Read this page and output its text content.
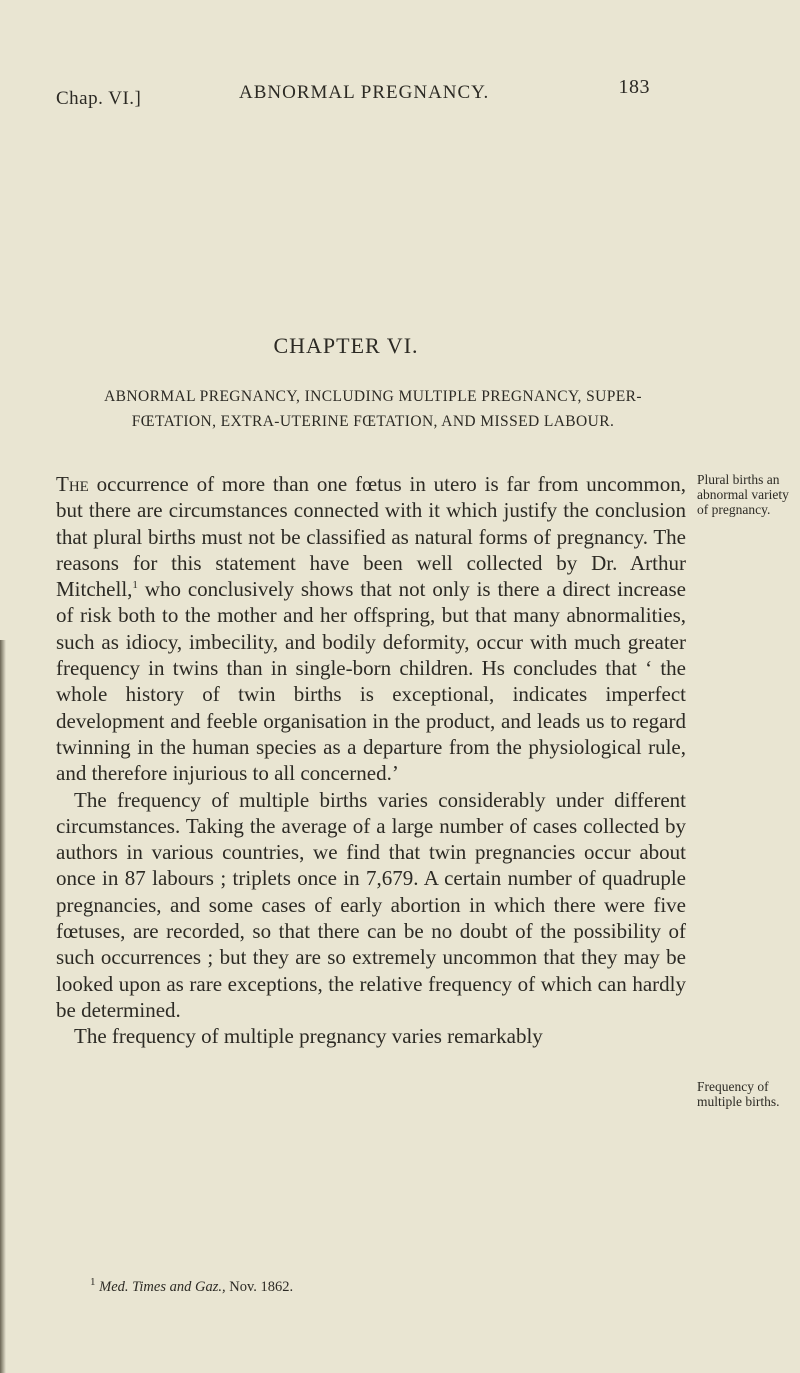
Chap. VI.]	ABNORMAL PREGNANCY.	183
CHAPTER VI.
ABNORMAL PREGNANCY, INCLUDING MULTIPLE PREGNANCY, SUPER-
FŒTATION, EXTRA-UTERINE FŒTATION, AND MISSED LABOUR.

The occurrence of more than one fœtus in utero is far from uncommon, but there are circumstances connected with it which justify the conclusion that plural births must not be classified as natural forms of pregnancy. The reasons for this statement have been well collected by Dr. Arthur Mitchell,$^1$ who conclusively shows that not only is there a direct increase of risk both to the mother and her offspring, but that many abnormalities, such as idiocy, imbecility, and bodily deformity, occur with much greater frequency in twins than in single-born children. Hs concludes that ‘ the whole history of twin births is exceptional, indicates imperfect development and feeble organisation in the product, and leads us to regard twinning in the human species as a departure from the physiological rule, and therefore injurious to all concerned.’

The frequency of multiple births varies considerably under different circumstances. Taking the average of a large number of cases collected by authors in various countries, we find that twin pregnancies occur about once in 87 labours ; triplets once in 7,679. A certain number of quadruple pregnancies, and some cases of early abortion in which there were five fœtuses, are recorded, so that there can be no doubt of the possibility of such occurrences ; but they are so extremely uncommon that they may be looked upon as rare exceptions, the relative frequency of which can hardly be determined.

The frequency of multiple pregnancy varies remarkably

Plural births an abnormal variety of pregnancy.
Frequency of multiple births.
$^1$ Med. Times and Gaz., Nov. 1862.
